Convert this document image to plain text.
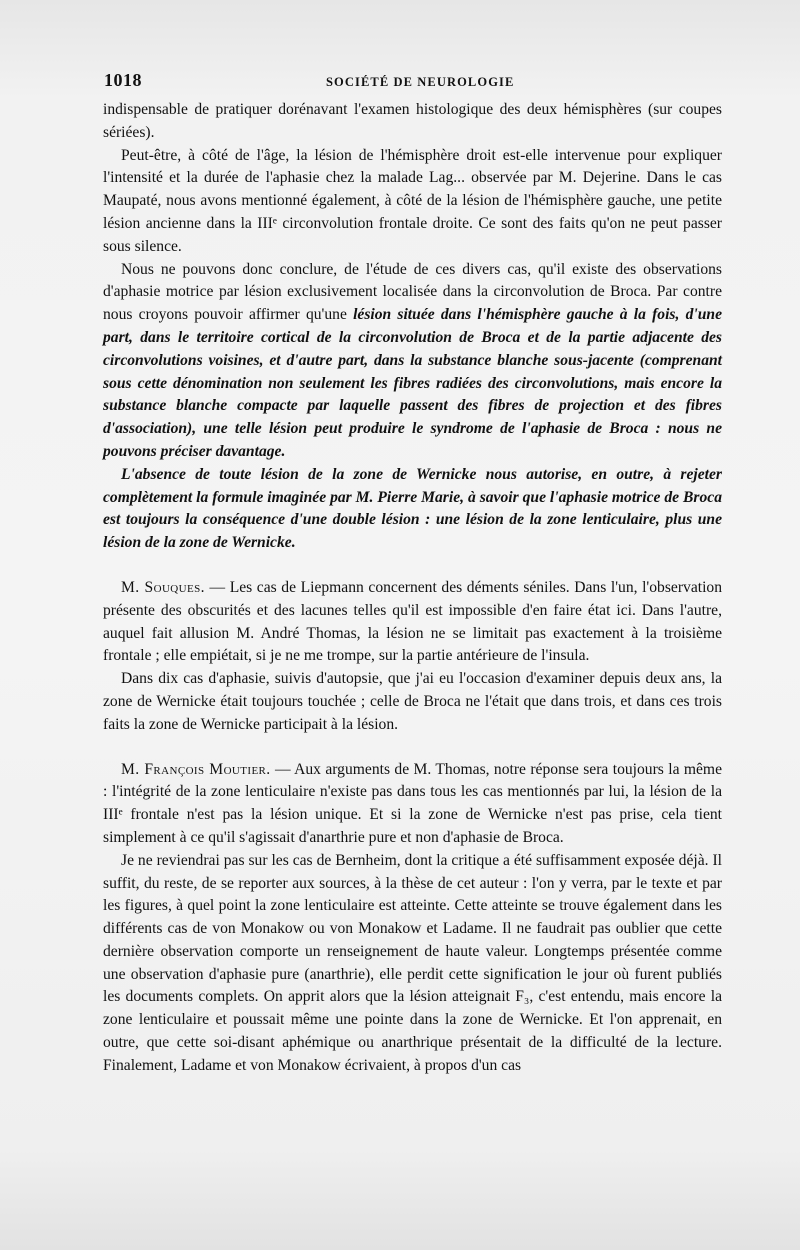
1018	SOCIÉTÉ DE NEUROLOGIE

indispensable de pratiquer dorénavant l'examen histologique des deux hémisphères (sur coupes sériées).

Peut-être, à côté de l'âge, la lésion de l'hémisphère droit est-elle intervenue pour expliquer l'intensité et la durée de l'aphasie chez la malade Lag... observée par M. Dejerine. Dans le cas Maupaté, nous avons mentionné également, à côté de la lésion de l'hémisphère gauche, une petite lésion ancienne dans la IIIᵉ circonvolution frontale droite. Ce sont des faits qu'on ne peut passer sous silence.

Nous ne pouvons donc conclure, de l'étude de ces divers cas, qu'il existe des observations d'aphasie motrice par lésion exclusivement localisée dans la circonvolution de Broca. Par contre nous croyons pouvoir affirmer qu'une lésion située dans l'hémisphère gauche à la fois, d'une part, dans le territoire cortical de la circonvolution de Broca et de la partie adjacente des circonvolutions voisines, et d'autre part, dans la substance blanche sous-jacente (comprenant sous cette dénomination non seulement les fibres radiées des circonvolutions, mais encore la substance blanche compacte par laquelle passent des fibres de projection et des fibres d'association), une telle lésion peut produire le syndrome de l'aphasie de Broca : nous ne pouvons préciser davantage.

L'absence de toute lésion de la zone de Wernicke nous autorise, en outre, à rejeter complètement la formule imaginée par M. Pierre Marie, à savoir que l'aphasie motrice de Broca est toujours la conséquence d'une double lésion : une lésion de la zone lenticulaire, plus une lésion de la zone de Wernicke.

M. Souques. — Les cas de Liepmann concernent des déments séniles. Dans l'un, l'observation présente des obscurités et des lacunes telles qu'il est impossible d'en faire état ici. Dans l'autre, auquel fait allusion M. André Thomas, la lésion ne se limitait pas exactement à la troisième frontale ; elle empiétait, si je ne me trompe, sur la partie antérieure de l'insula.

Dans dix cas d'aphasie, suivis d'autopsie, que j'ai eu l'occasion d'examiner depuis deux ans, la zone de Wernicke était toujours touchée ; celle de Broca ne l'était que dans trois, et dans ces trois faits la zone de Wernicke participait à la lésion.

M. François Moutier. — Aux arguments de M. Thomas, notre réponse sera toujours la même : l'intégrité de la zone lenticulaire n'existe pas dans tous les cas mentionnés par lui, la lésion de la IIIᵉ frontale n'est pas la lésion unique. Et si la zone de Wernicke n'est pas prise, cela tient simplement à ce qu'il s'agissait d'anarthrie pure et non d'aphasie de Broca.

Je ne reviendrai pas sur les cas de Bernheim, dont la critique a été suffisamment exposée déjà. Il suffit, du reste, de se reporter aux sources, à la thèse de cet auteur : l'on y verra, par le texte et par les figures, à quel point la zone lenticulaire est atteinte. Cette atteinte se trouve également dans les différents cas de von Monakow ou von Monakow et Ladame. Il ne faudrait pas oublier que cette dernière observation comporte un renseignement de haute valeur. Longtemps présentée comme une observation d'aphasie pure (anarthrie), elle perdit cette signification le jour où furent publiés les documents complets. On apprit alors que la lésion atteignait F₃, c'est entendu, mais encore la zone lenticulaire et poussait même une pointe dans la zone de Wernicke. Et l'on apprenait, en outre, que cette soi-disant aphémique ou anarthrique présentait de la difficulté de la lecture. Finalement, Ladame et von Monakow écrivaient, à propos d'un cas
